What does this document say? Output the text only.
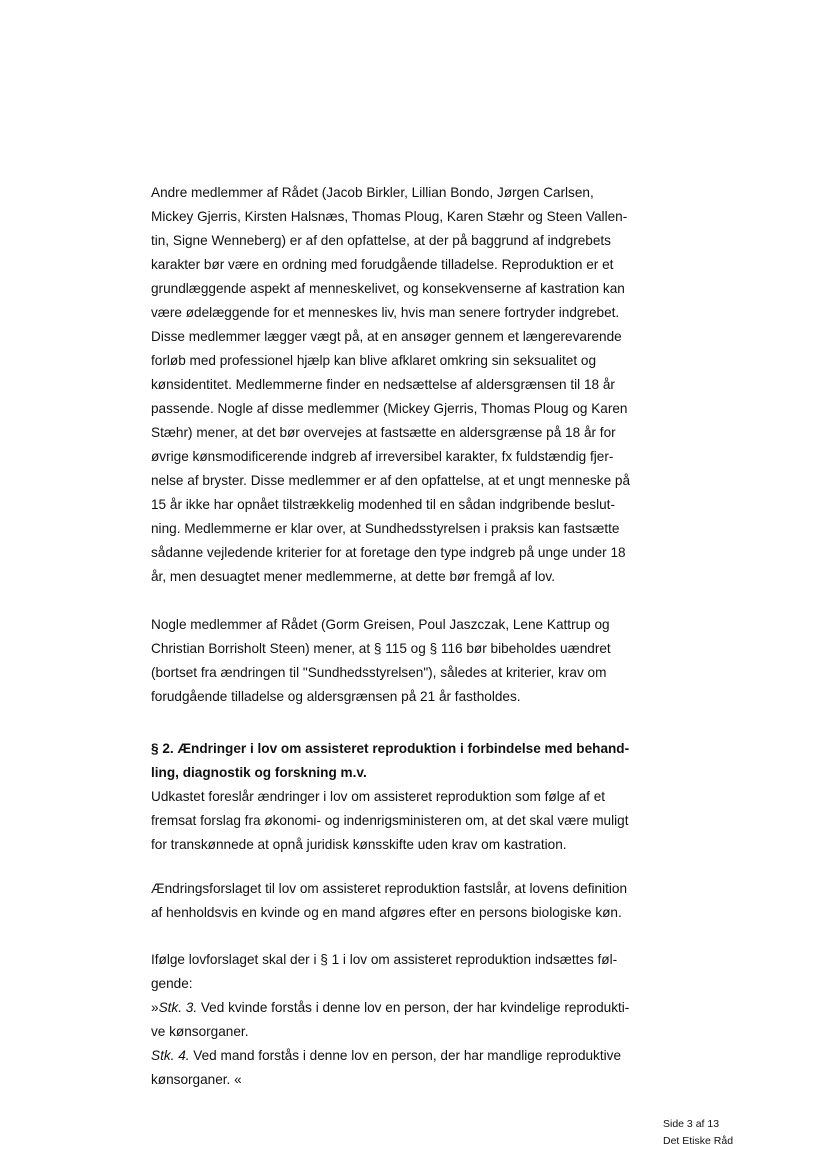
Andre medlemmer af Rådet (Jacob Birkler, Lillian Bondo, Jørgen Carlsen,
Mickey Gjerris, Kirsten Halsnæs, Thomas Ploug, Karen Stæhr og Steen Vallen-
tin, Signe Wenneberg) er af den opfattelse, at der på baggrund af indgrebets
karakter bør være en ordning med forudgående tilladelse. Reproduktion er et
grundlæggende aspekt af menneskelivet, og konsekvenserne af kastration kan
være ødelæggende for et menneskes liv, hvis man senere fortryder indgrebet.
Disse medlemmer lægger vægt på, at en ansøger gennem et længerevarende
forløb med professionel hjælp kan blive afklaret omkring sin seksualitet og
kønsidentitet. Medlemmerne finder en nedsættelse af aldersgrænsen til 18 år
passende. Nogle af disse medlemmer (Mickey Gjerris, Thomas Ploug og Karen
Stæhr) mener, at det bør overvejes at fastsætte en aldersgrænse på 18 år for
øvrige kønsmodificerende indgreb af irreversibel karakter, fx fuldstændig fjer-
nelse af bryster. Disse medlemmer er af den opfattelse, at et ungt menneske på
15 år ikke har opnået tilstrækkelig modenhed til en sådan indgribende beslut-
ning. Medlemmerne er klar over, at Sundhedsstyrelsen i praksis kan fastsætte
sådanne vejledende kriterier for at foretage den type indgreb på unge under 18
år, men desuagtet mener medlemmerne, at dette bør fremgå af lov.
Nogle medlemmer af Rådet (Gorm Greisen, Poul Jaszczak, Lene Kattrup og
Christian Borrisholt Steen) mener, at § 115 og § 116 bør bibeholdes uændret
(bortset fra ændringen til "Sundhedsstyrelsen"), således at kriterier, krav om
forudgående tilladelse og aldersgrænsen på 21 år fastholdes.
§ 2. Ændringer i lov om assisteret reproduktion i forbindelse med behand-
ling, diagnostik og forskning m.v.
Udkastet foreslår ændringer i lov om assisteret reproduktion som følge af et
fremsat forslag fra økonomi- og indenrigsministeren om, at det skal være muligt
for transkønnede at opnå juridisk kønsskifte uden krav om kastration.
Ændringsforslaget til lov om assisteret reproduktion fastslår, at lovens definition
af henholdsvis en kvinde og en mand afgøres efter en persons biologiske køn.
Ifølge lovforslaget skal der i § 1 i lov om assisteret reproduktion indsættes føl-
gende:
»Stk. 3. Ved kvinde forstås i denne lov en person, der har kvindelige reprodukti-
ve kønsorganer.
Stk. 4. Ved mand forstås i denne lov en person, der har mandlige reproduktive
kønsorganer. «
Side 3 af 13
Det Etiske Råd
